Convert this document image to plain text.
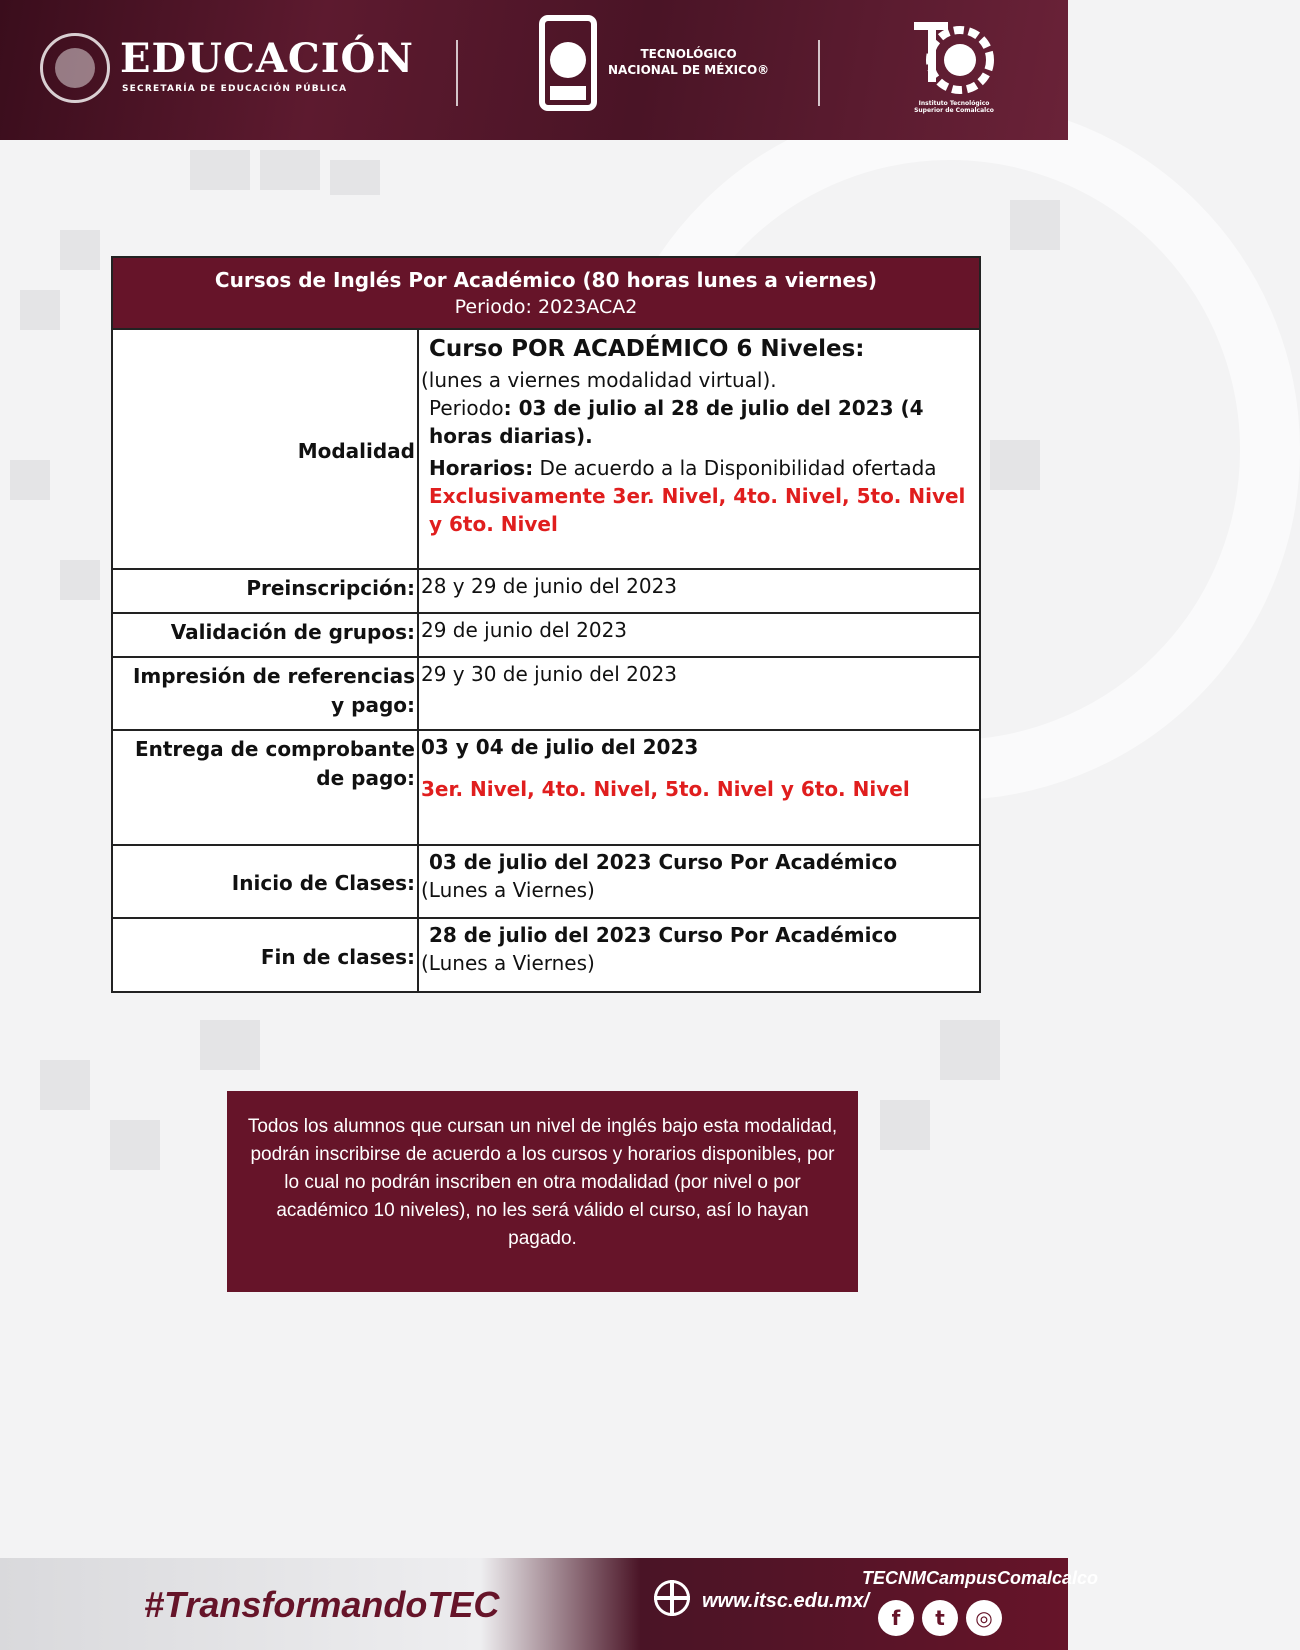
EDUCACIÓN
SECRETARÍA DE EDUCACIÓN PÚBLICA
TECNOLÓGICO
NACIONAL DE MÉXICO®
Instituto Tecnológico
Superior de Comalcalco
Cursos de Inglés Por Académico (80 horas lunes a viernes)
Periodo: 2023ACA2
Modalidad
Curso POR ACADÉMICO 6 Niveles:
(lunes a viernes modalidad virtual).
Periodo: 03 de julio al 28 de julio del 2023 (4 horas diarias).
Horarios: De acuerdo a la Disponibilidad ofertada
Exclusivamente 3er. Nivel, 4to. Nivel, 5to. Nivel y 6to. Nivel
Preinscripción: 28 y 29 de junio del 2023
Validación de grupos: 29 de junio del 2023
Impresión de referencias y pago:
29 y 30 de junio del 2023
Entrega de comprobante de pago:
03 y 04 de julio del 2023
3er. Nivel, 4to. Nivel, 5to. Nivel y 6to. Nivel
Inicio de Clases:
03 de julio del 2023 Curso Por Académico
(Lunes a Viernes)
Fin de clases:
28 de julio del 2023 Curso Por Académico
(Lunes a Viernes)
Todos los alumnos que cursan un nivel de inglés bajo esta modalidad, podrán inscribirse de acuerdo a los cursos y horarios disponibles, por lo cual no podrán inscriben en otra modalidad (por nivel o por académico 10 niveles), no les será válido el curso, así lo hayan pagado.
#TransformandoTEC	www.itsc.edu.mx/
TECNMCampusComalcalco
f	t	◎
